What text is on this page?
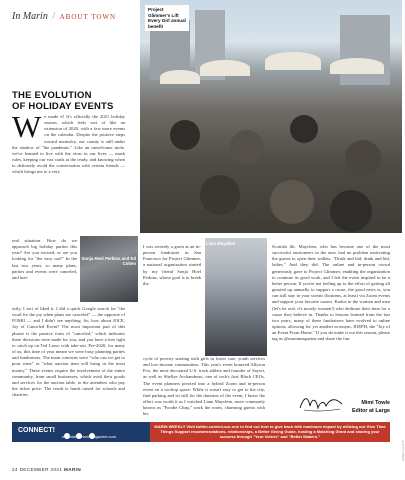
In Marin / ABOUT TOWN
Project Glimmer's Lift Every Girl annual benefit
THE EVOLUTION
OF HOLIDAY EVENTS
W e made it! It's officially the 2021 holiday season, which feels sort of like an extension of 2020, with a few more events on the calendar. Despite the positive steps toward normalcy, our county is still under the shadow of "the pandemic." Like an unwelcome mole, we've learned to live with the virus in our lives — mask rules, keeping our vax cards at the ready, and knowing when to delicately avoid the conversation with certain friends — which brings me to a very
real situation. How do we approach big holiday parties this year? Are you excited, or are you looking for "the easy out?" In the last two years, so many plans, parties and events were canceled, and hon-
estly, I sort of liked it. I did a quick Google search for "the word for the joy when plans are canceled" — the opposite of FOMO — and I didn't see anything. So, how about JOCE, Joy of Canceled Event? The most important part of this phrase is the passive form of "canceled," which indicates these decisions were made for you, and you have a free right to catch up on Ted Lasso with take-out. Pre-2020, for many of us, this time of year meant we were busy planning parties and fundraisers. The main concerns were "who can we get to pour wine" or "what auction item will bring in the most money." These events require the involvement of the entire community, from small businesses, which avail their goods and services for the auction table, to the attendees who pay the ticket price. The result is funds raised for schools and charities.
Sonja Hoel Perkins and Ed Cohen
I was recently a guest at an in-person fundraiser in San Francisco for Project Glimmer, a national organization started by my friend Sonja Hoel Perkins, whose goal is to break the
Liam Mayclem
cycle of poverty starting with girls in foster care, youth services and low-income communities. This year's event honored Allyson Fox, the most decorated U.S. track athlete and founder of Sayvit, as well as Shellye Archambeau, one of tech's first Black CEOs. The event planners pivoted into a hybrid Zoom and in-person event on a rooftop space. While it wasn't easy to get to the city, find parking and sit still for the duration of the event, I knew the effort was worth it as I watched Liam Mayclem, more commonly known as "Foodie Chap," work the room, charming guests with his
Scottish lilt. Mayclem, who has become one of the most successful auctioneers in the area, had no problem motivating the guests to open their wallets: "Drink and bid, drink and bid, ladies." And they did. The online and in-person crowd generously gave to Project Glimmer, enabling the organization to continue its good work, and I left the event inspired to be a better person. If you're not feeling up to the effort of getting all gussied up annually to support a cause, the good news is, you can still stay in your sweats (bottoms, at least) via Zoom events and support your favorite causes. Kudos to the women and men (let's be real, it's mostly women!) who dedicate their time for a cause they believe in. Thanks to lessons learned from the last two years, many of these fundraisers have evolved to online options, allowing for yet another acronym, JOEPH, the "Joy of an Event From Home." If you do make it out this season, please tag us @marinmagazine and share the fun.
Mimi Towle
Editor at Large
CONNECT!

editorial@marinmagazine.com
MARIN WEEKLY Visit twitter.com/ed-our-one to find out how to give back with maximum impact by utilizing our Give Time Things Support recommendations, relationships, a Better Giving Guide, hosting a Matching Grant and sharing your success through "Your Voices" and "Better Makers."
24 DECEMBER 2021 MARIN
GREG ALLOTT
